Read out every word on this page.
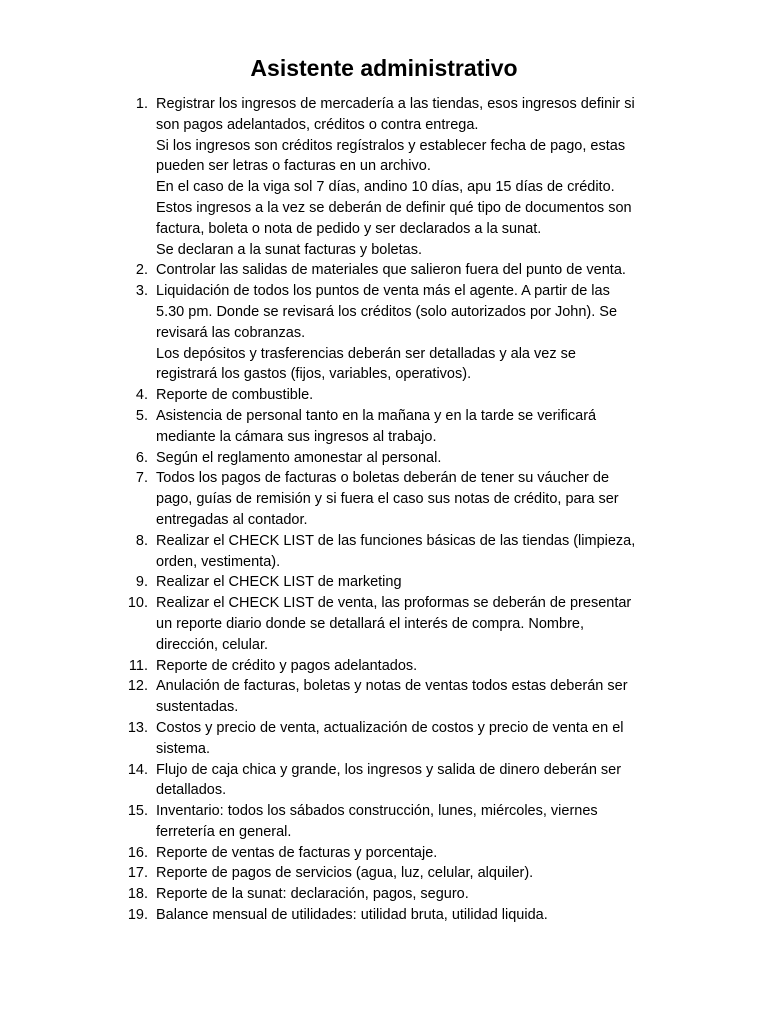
Asistente administrativo
1. Registrar los ingresos de mercadería a las tiendas, esos ingresos definir si
son pagos adelantados, créditos o contra entrega.
Si los ingresos son créditos regístralos y establecer fecha de pago, estas
pueden ser letras o facturas en un archivo.
En el caso de la viga sol 7 días, andino 10 días, apu 15 días de crédito.
Estos ingresos a la vez se deberán de definir qué tipo de documentos son
factura, boleta o nota de pedido y ser declarados a la sunat.
Se declaran a la sunat facturas y boletas.
2. Controlar las salidas de materiales que salieron fuera del punto de venta.
3. Liquidación de todos los puntos de venta más el agente. A partir de las
5.30 pm. Donde se revisará los créditos (solo autorizados por John). Se
revisará las cobranzas.
Los depósitos y trasferencias deberán ser detalladas y ala vez se
registrará los gastos (fijos, variables, operativos).
4. Reporte de combustible.
5. Asistencia de personal tanto en la mañana y en la tarde se verificará
mediante la cámara sus ingresos al trabajo.
6. Según el reglamento amonestar al personal.
7. Todos los pagos de facturas o boletas deberán de tener su váucher de
pago, guías de remisión y si fuera el caso sus notas de crédito, para ser
entregadas al contador.
8. Realizar el CHECK LIST de las funciones básicas de las tiendas (limpieza,
orden, vestimenta).
9. Realizar el CHECK LIST de marketing
10. Realizar el CHECK LIST de venta, las proformas se deberán de presentar
un reporte diario donde se detallará el interés de compra. Nombre,
dirección, celular.
11. Reporte de crédito y pagos adelantados.
12. Anulación de facturas, boletas y notas de ventas todos estas deberán ser
sustentadas.
13. Costos y precio de venta, actualización de costos y precio de venta en el
sistema.
14. Flujo de caja chica y grande, los ingresos y salida de dinero deberán ser
detallados.
15. Inventario: todos los sábados construcción, lunes, miércoles, viernes
ferretería en general.
16. Reporte de ventas de facturas y porcentaje.
17. Reporte de pagos de servicios (agua, luz, celular, alquiler).
18. Reporte de la sunat: declaración, pagos, seguro.
19. Balance mensual de utilidades: utilidad bruta, utilidad liquida.
